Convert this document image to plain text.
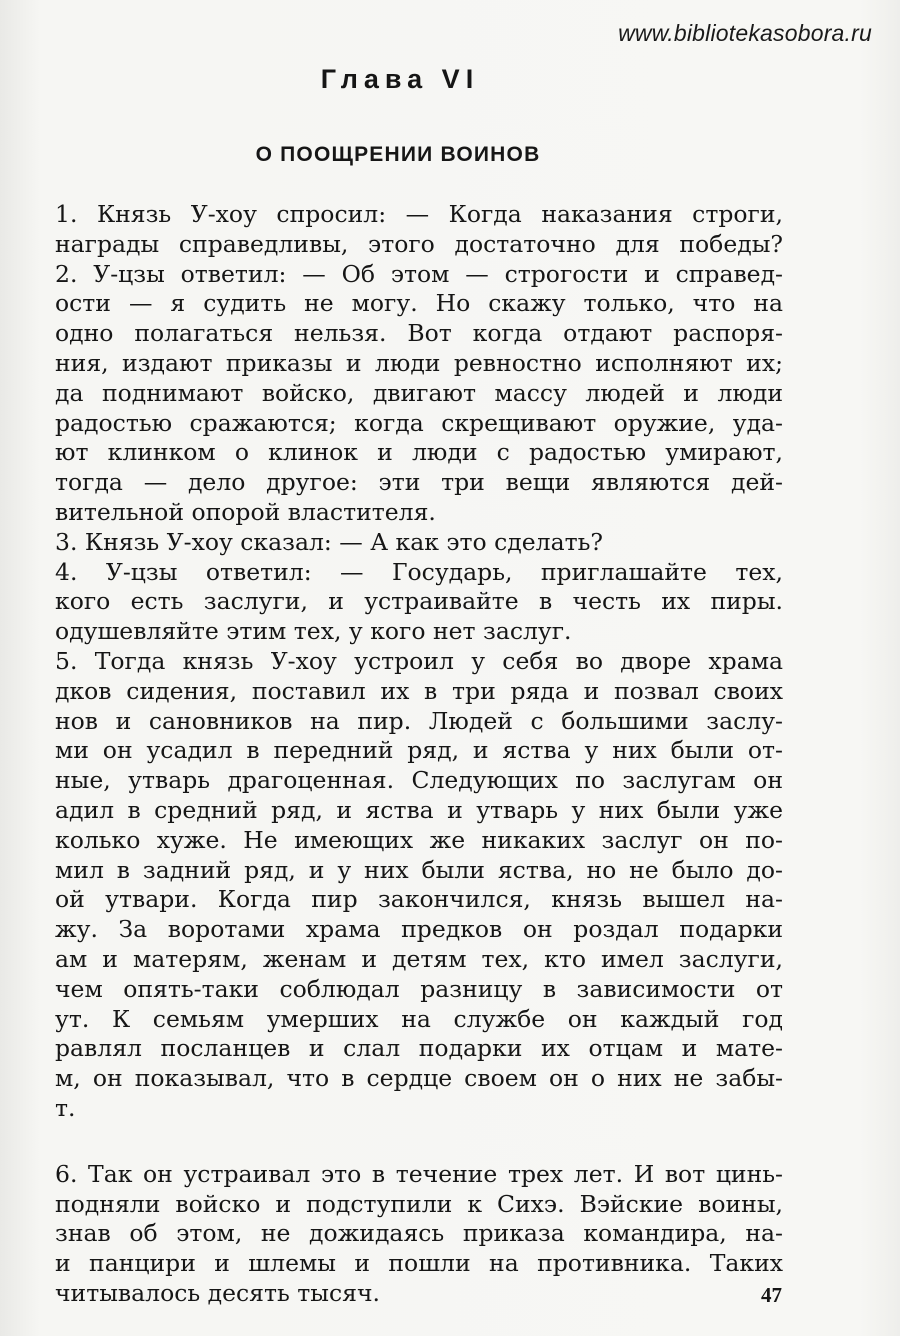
www.bibliotekasobora.ru
Глава VI
О ПООЩРЕНИИ ВОИНОВ
1. Князь У-хоу спросил: — Когда наказания строги,
награды справедливы, этого достаточно для победы?
2. У-цзы ответил: — Об этом — строгости и справед-
ости — я судить не могу. Но скажу только, что на
одно полагаться нельзя. Вот когда отдают распоря-
ния, издают приказы и люди ревностно исполняют их;
да поднимают войско, двигают массу людей и люди
радостью сражаются; когда скрещивают оружие, уда-
ют клинком о клинок и люди с радостью умирают,
тогда — дело другое: эти три вещи являются дей-
вительной опорой властителя.
3. Князь У-хоу сказал: — А как это сделать?
4. У-цзы ответил: — Государь, приглашайте тех,
кого есть заслуги, и устраивайте в честь их пиры.
одушевляйте этим тех, у кого нет заслуг.
5. Тогда князь У-хоу устроил у себя во дворе храма
дков сидения, поставил их в три ряда и позвал своих
нов и сановников на пир. Людей с большими заслу-
ми он усадил в передний ряд, и яства у них были от-
ные, утварь драгоценная. Следующих по заслугам он
адил в средний ряд, и яства и утварь у них были уже
колько хуже. Не имеющих же никаких заслуг он по-
мил в задний ряд, и у них были яства, но не было до-
ой утвари. Когда пир закончился, князь вышел на-
жу. За воротами храма предков он роздал подарки
ам и матерям, женам и детям тех, кто имел заслуги,
чем опять-таки соблюдал разницу в зависимости от
ут. К семьям умерших на службе он каждый год
равлял посланцев и слал подарки их отцам и мате-
м, он показывал, что в сердце своем он о них не забы-
т.
6. Так он устраивал это в течение трех лет. И вот цинь-
подняли войско и подступили к Сихэ. Вэйские воины,
знав об этом, не дожидаясь приказа командира, на-
и панцири и шлемы и пошли на противника. Таких
читывалось десять тысяч.	47
